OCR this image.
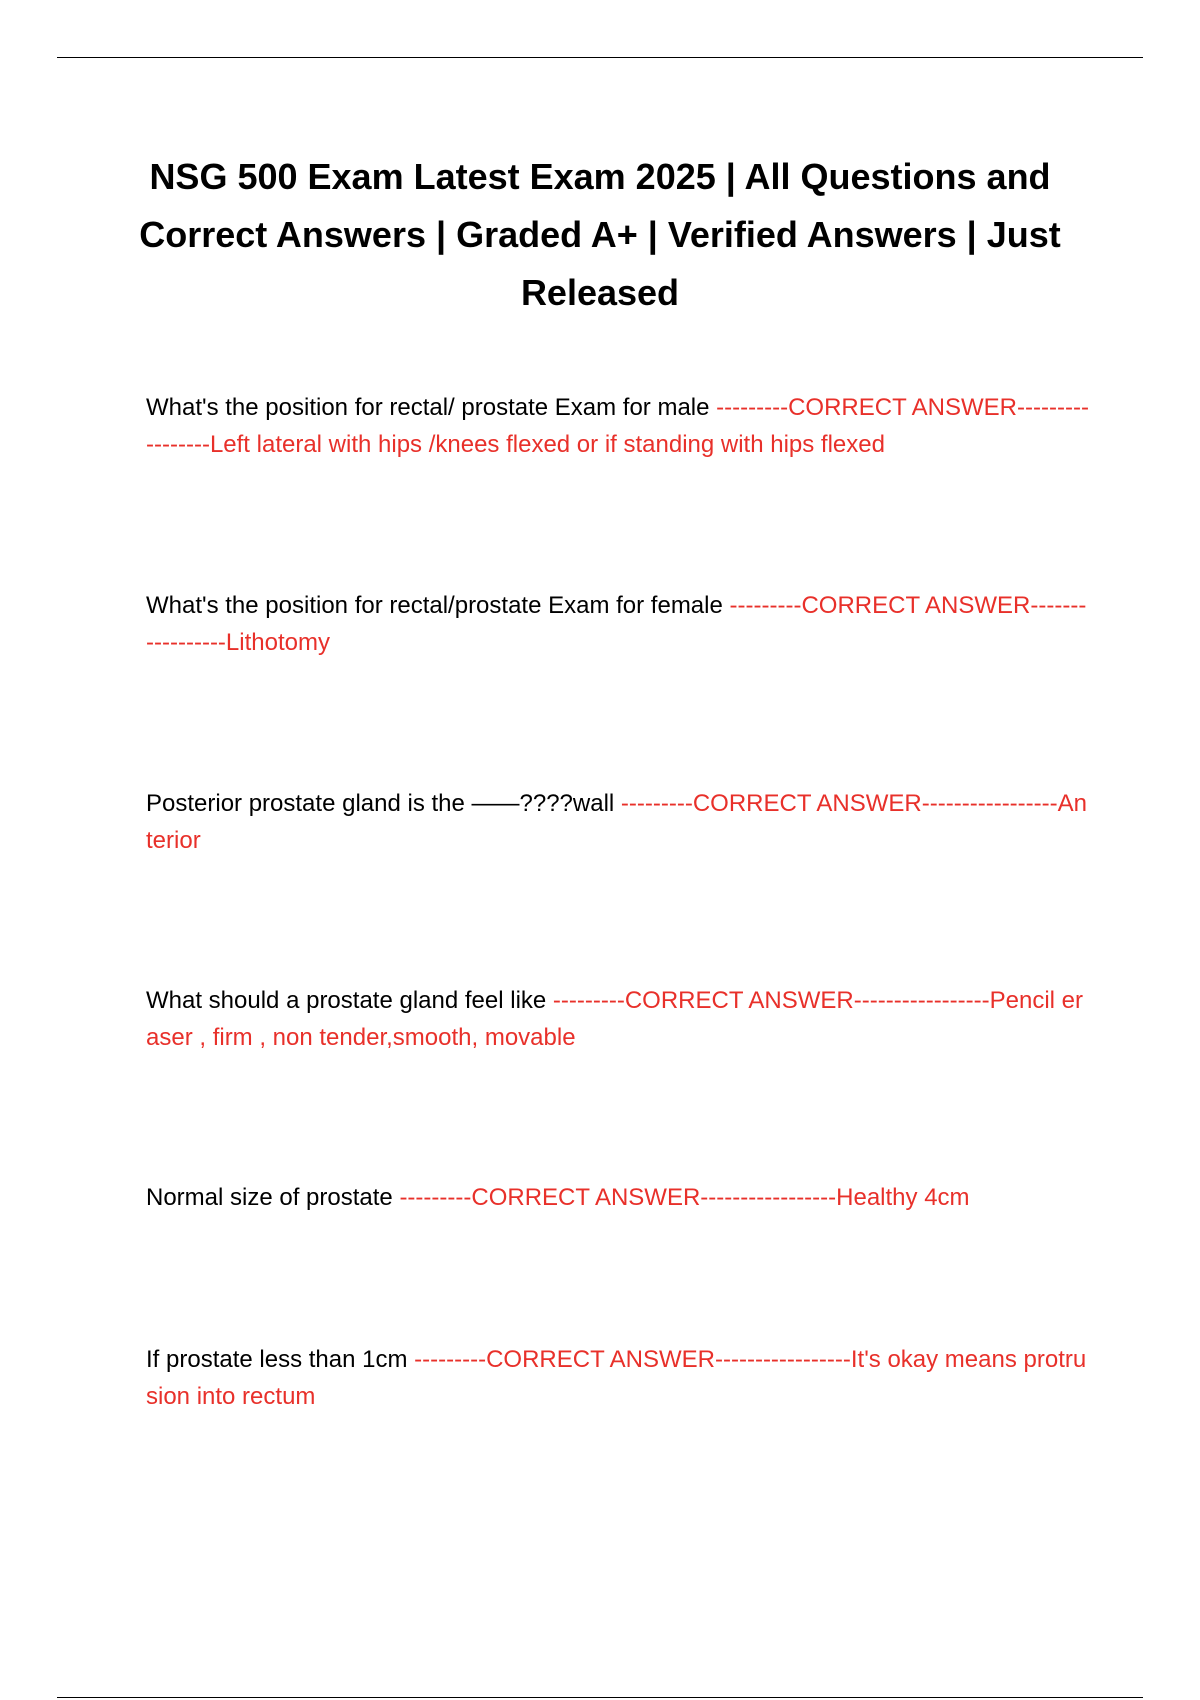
NSG 500 Exam Latest Exam 2025 | All Questions and Correct Answers | Graded A+ | Verified Answers | Just Released

What's the position for rectal/ prostate Exam for male ---------CORRECT ANSWER-----------------Left lateral with hips /knees flexed or if standing with hips flexed

What's the position for rectal/prostate Exam for female ---------CORRECT ANSWER-----------------Lithotomy

Posterior prostate gland is the ——????wall ---------CORRECT ANSWER-----------------Anterior

What should a prostate gland feel like ---------CORRECT ANSWER-----------------Pencil eraser , firm , non tender,smooth, movable

Normal size of prostate ---------CORRECT ANSWER-----------------Healthy 4cm

If prostate less than 1cm ---------CORRECT ANSWER-----------------It's okay means protrusion into rectum
